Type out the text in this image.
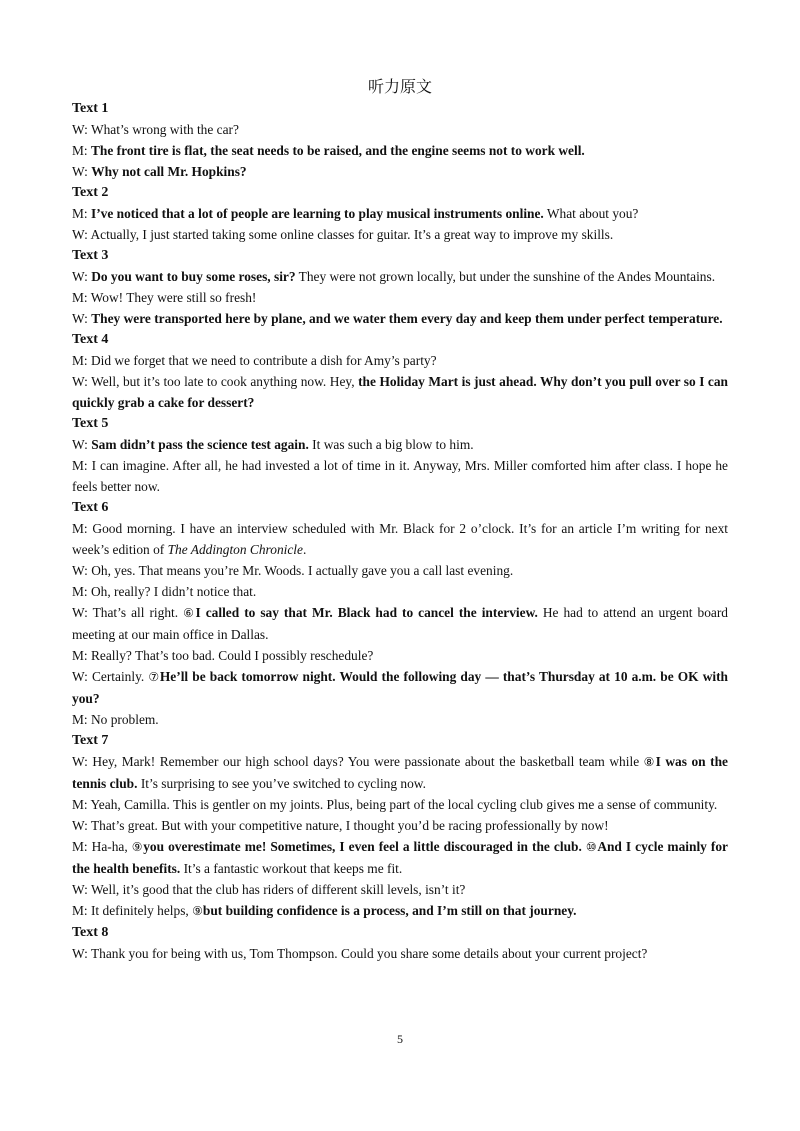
听力原文
Text 1
W: What’s wrong with the car?
M: The front tire is flat, the seat needs to be raised, and the engine seems not to work well.
W: Why not call Mr. Hopkins?
Text 2
M: I’ve noticed that a lot of people are learning to play musical instruments online. What about you?
W: Actually, I just started taking some online classes for guitar. It’s a great way to improve my skills.
Text 3
W: Do you want to buy some roses, sir? They were not grown locally, but under the sunshine of the Andes Mountains.
M: Wow! They were still so fresh!
W: They were transported here by plane, and we water them every day and keep them under perfect temperature.
Text 4
M: Did we forget that we need to contribute a dish for Amy’s party?
W: Well, but it’s too late to cook anything now. Hey, the Holiday Mart is just ahead. Why don’t you pull over so I can quickly grab a cake for dessert?
Text 5
W: Sam didn’t pass the science test again. It was such a big blow to him.
M: I can imagine. After all, he had invested a lot of time in it. Anyway, Mrs. Miller comforted him after class. I hope he feels better now.
Text 6
M: Good morning. I have an interview scheduled with Mr. Black for 2 o’clock. It’s for an article I’m writing for next week’s edition of The Addington Chronicle.
W: Oh, yes. That means you’re Mr. Woods. I actually gave you a call last evening.
M: Oh, really? I didn’t notice that.
W: That’s all right. ⑥I called to say that Mr. Black had to cancel the interview. He had to attend an urgent board meeting at our main office in Dallas.
M: Really? That’s too bad. Could I possibly reschedule?
W: Certainly. ⑦He’ll be back tomorrow night. Would the following day — that’s Thursday at 10 a.m. be OK with you?
M: No problem.
Text 7
W: Hey, Mark! Remember our high school days? You were passionate about the basketball team while ⑧I was on the tennis club. It’s surprising to see you’ve switched to cycling now.
M: Yeah, Camilla. This is gentler on my joints. Plus, being part of the local cycling club gives me a sense of community.
W: That’s great. But with your competitive nature, I thought you’d be racing professionally by now!
M: Ha-ha, ⑨you overestimate me! Sometimes, I even feel a little discouraged in the club. ⑩And I cycle mainly for the health benefits. It’s a fantastic workout that keeps me fit.
W: Well, it’s good that the club has riders of different skill levels, isn’t it?
M: It definitely helps, ⑨but building confidence is a process, and I’m still on that journey.
Text 8
W: Thank you for being with us, Tom Thompson. Could you share some details about your current project?
5
